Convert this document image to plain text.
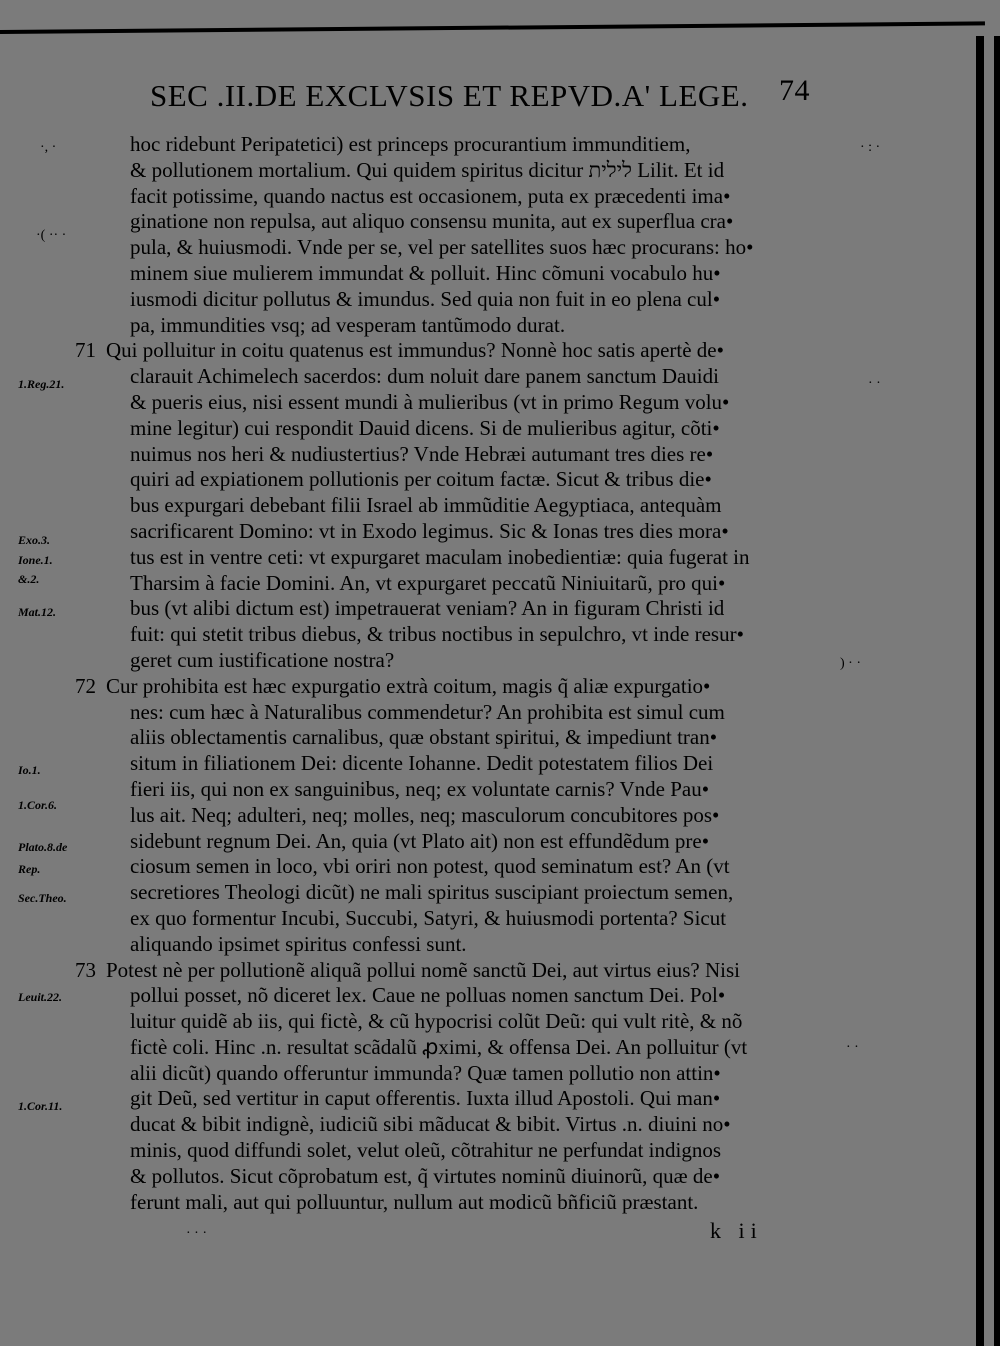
SEC .II.DE EXCLVSIS ET REPVD.A' LEGE. 74
hoc ridebunt Peripatetici) est princeps procurantium immunditiem,
& pollutionem mortalium. Qui quidem spiritus dicitur לילית Lilit. Et id
facit potissime, quando nactus est occasionem, puta ex præcedenti ima•
ginatione non repulsa, aut aliquo consensu munita, aut ex superflua cra•
pula, & huiusmodi. Vnde per se, vel per satellites suos hæc procurans: ho•
minem siue mulierem immundat & polluit. Hinc cõmuni vocabulo hu•
iusmodi dicitur pollutus & imundus. Sed quia non fuit in eo plena cul•
pa, immundities vsq; ad vesperam tantũmodo durat.
71 Qui polluitur in coitu quatenus est immundus? Nonnè hoc satis apertè de•
clarauit Achimelech sacerdos: dum noluit dare panem sanctum Dauidi
& pueris eius, nisi essent mundi à mulieribus (vt in primo Regum volu•
mine legitur) cui respondit Dauid dicens. Si de mulieribus agitur, cõti•
nuimus nos heri & nudiustertius? Vnde Hebræi autumant tres dies re•
quiri ad expiationem pollutionis per coitum factæ. Sicut & tribus die•
bus expurgari debebant filii Israel ab immũditie Aegyptiaca, antequàm
sacrificarent Domino: vt in Exodo legimus. Sic & Ionas tres dies mora•
tus est in ventre ceti: vt expurgaret maculam inobedientiæ: quia fugerat in
Tharsim à facie Domini. An, vt expurgaret peccatũ Niniuitarũ, pro qui•
bus (vt alibi dictum est) impetrauerat veniam? An in figuram Christi id
fuit: qui stetit tribus diebus, & tribus noctibus in sepulchro, vt inde resur•
geret cum iustificatione nostra?
72 Cur prohibita est hæc expurgatio extrà coitum, magis q̃ aliæ expurgatio•
nes: cum hæc à Naturalibus commendetur? An prohibita est simul cum
aliis oblectamentis carnalibus, quæ obstant spiritui, & impediunt tran•
situm in filiationem Dei: dicente Iohanne. Dedit potestatem filios Dei
fieri iis, qui non ex sanguinibus, neq; ex voluntate carnis? Vnde Pau•
lus ait. Neq; adulteri, neq; molles, neq; masculorum concubitores pos•
sidebunt regnum Dei. An, quia (vt Plato ait) non est effundẽdum pre•
ciosum semen in loco, vbi oriri non potest, quod seminatum est? An (vt
secretiores Theologi dicũt) ne mali spiritus suscipiant proiectum semen,
ex quo formentur Incubi, Succubi, Satyri, & huiusmodi portenta? Sicut
aliquando ipsimet spiritus confessi sunt.
73 Potest nè per pollutionẽ aliquã pollui nomẽ sanctũ Dei, aut virtus eius? Nisi
pollui posset, nõ diceret lex. Caue ne polluas nomen sanctum Dei. Pol•
luitur quidẽ ab iis, qui fictè, & cũ hypocrisi colũt Deũ: qui vult ritè, & nõ
fictè coli. Hinc .n. resultat scãdalũ ꝓximi, & offensa Dei. An polluitur (vt
alii dicũt) quando offeruntur immunda? Quæ tamen pollutio non attin•
git Deũ, sed vertitur in caput offerentis. Iuxta illud Apostoli. Qui man•
ducat & bibit indignè, iudiciũ sibi mãducat & bibit. Virtus .n. diuini no•
minis, quod diffundi solet, velut oleũ, cõtrahitur ne perfundat indignos
& pollutos. Sicut cõprobatum est, q̃ virtutes nominũ diuinorũ, quæ de•
ferunt mali, aut qui polluuntur, nullum aut modicũ bñficiũ præstant.
1.Reg.21.
Exo.3.
Ione.1.
&.2.
Mat.12.
Io.1.
1.Cor.6.
Plato.8.de
Rep.
Sec.Theo.
Leuit.22.
1.Cor.11.
k ii
·, ·
·( ·· ·
· : ·
· ·
) · ·
· ·
· · ·
